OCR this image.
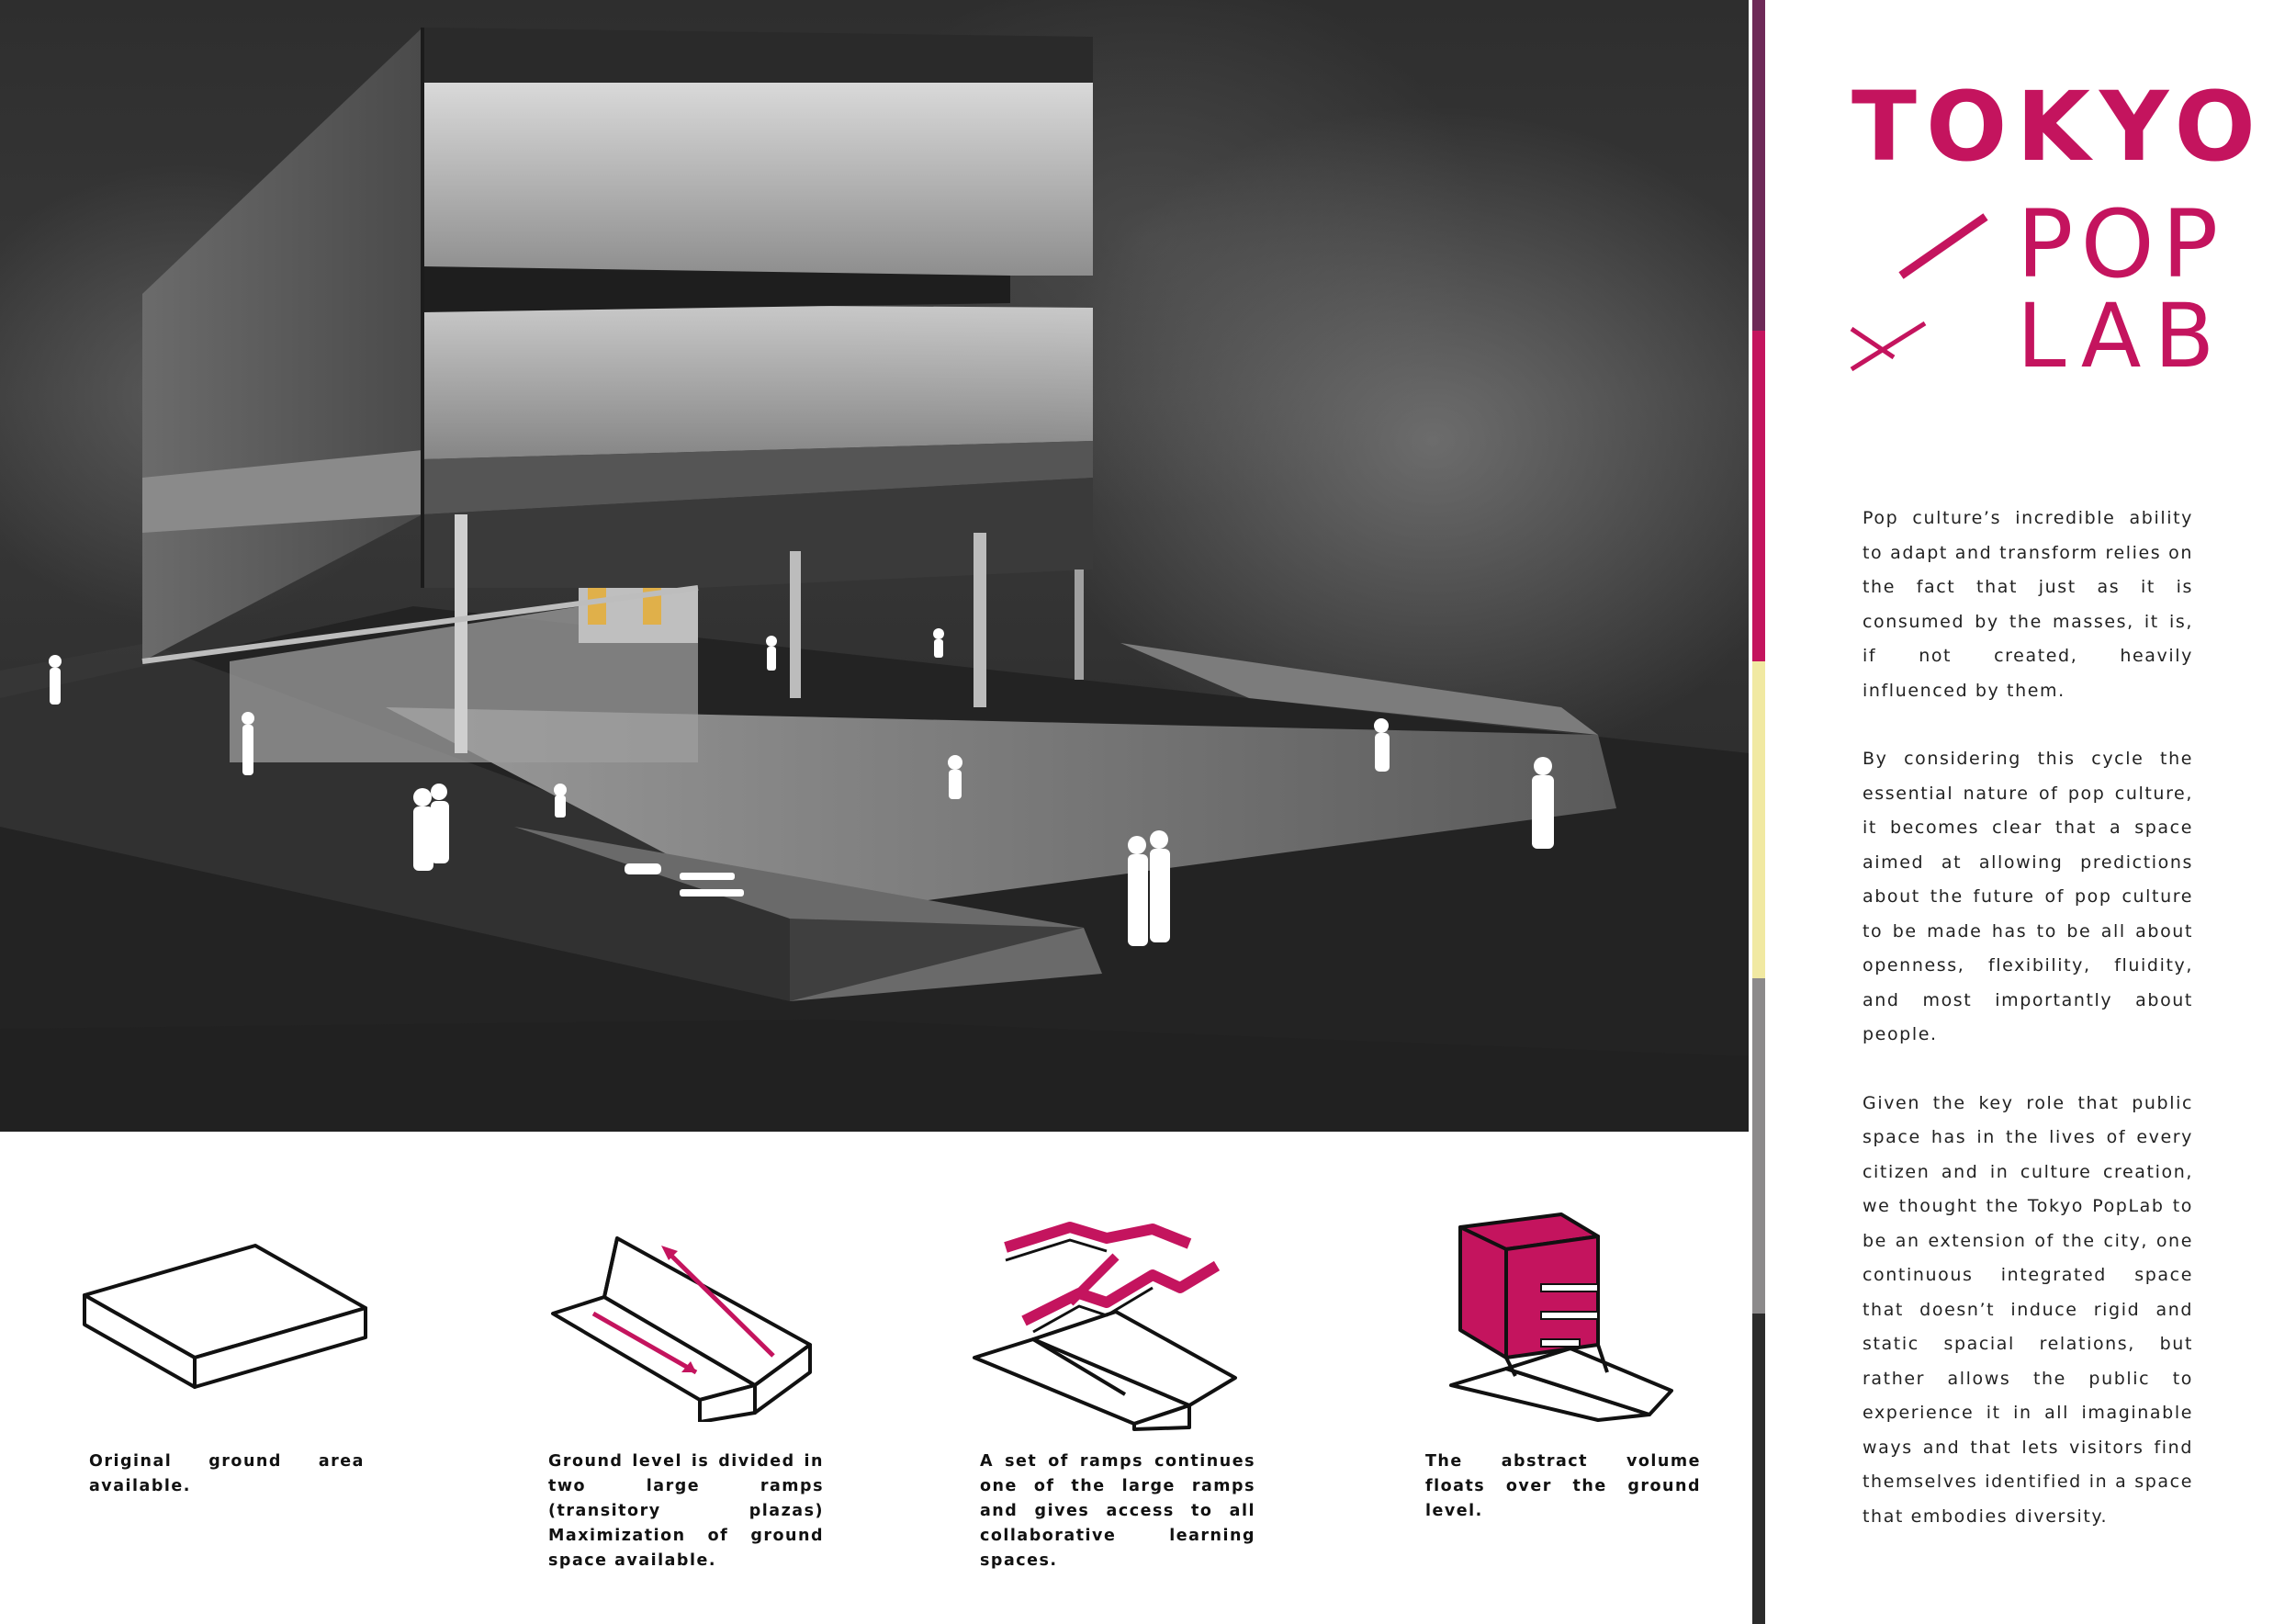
TOKYO
POP
LAB

Pop culture’s incredible ability to adapt and transform relies on the fact that just as it is consumed by the masses, it is, if not created, heavily influenced by them.

By considering this cycle the essential nature of pop culture, it becomes clear that a space aimed at allowing predictions about the future of pop culture to be made has to be all about openness, flexibility, fluidity, and most importantly about people.

Given the key role that public space has in the lives of every citizen and in culture creation, we thought the Tokyo PopLab to be an extension of the city, one continuous integrated space that doesn’t induce rigid and static spacial relations, but rather allows the public to experience it in all imaginable ways and that lets visitors find themselves identified in a space that embodies diversity.

Original ground area available.
Ground level is divided in two large ramps (transitory plazas) Maximization of ground space available.
A set of ramps continues one of the large ramps and gives access to all collaborative learning spaces.
The abstract volume floats over the ground level.
